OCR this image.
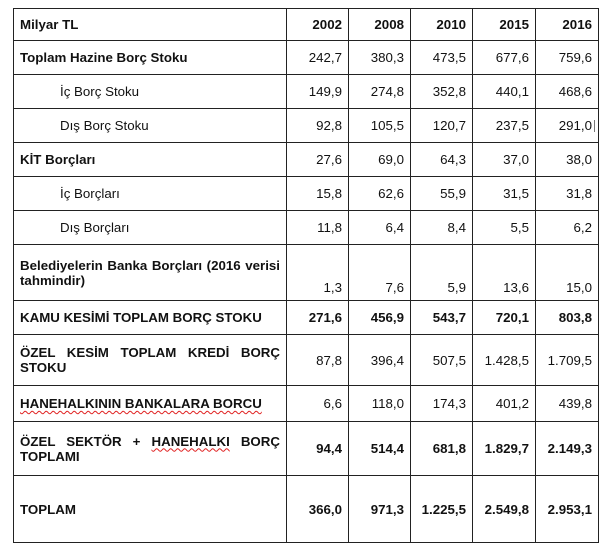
Milyar TL	2002	2008	2010	2015	2016
Toplam Hazine Borç Stoku	242,7	380,3	473,5	677,6	759,6
İç Borç Stoku	149,9	274,8	352,8	440,1	468,6
Dış Borç Stoku	92,8	105,5	120,7	237,5	291,0
KİT Borçları	27,6	69,0	64,3	37,0	38,0
İç Borçları	15,8	62,6	55,9	31,5	31,8
Dış Borçları	11,8	6,4	8,4	5,5	6,2
Belediyelerin Banka Borçları (2016 verisi tahmindir)	1,3	7,6	5,9	13,6	15,0
KAMU KESİMİ TOPLAM BORÇ STOKU	271,6	456,9	543,7	720,1	803,8
ÖZEL KESİM TOPLAM KREDİ BORÇ STOKU	87,8	396,4	507,5	1.428,5	1.709,5
HANEHALKININ BANKALARA BORCU	6,6	118,0	174,3	401,2	439,8
ÖZEL SEKTÖR + HANEHALKI BORÇ TOPLAMI	94,4	514,4	681,8	1.829,7	2.149,3
TOPLAM	366,0	971,3	1.225,5	2.549,8	2.953,1
